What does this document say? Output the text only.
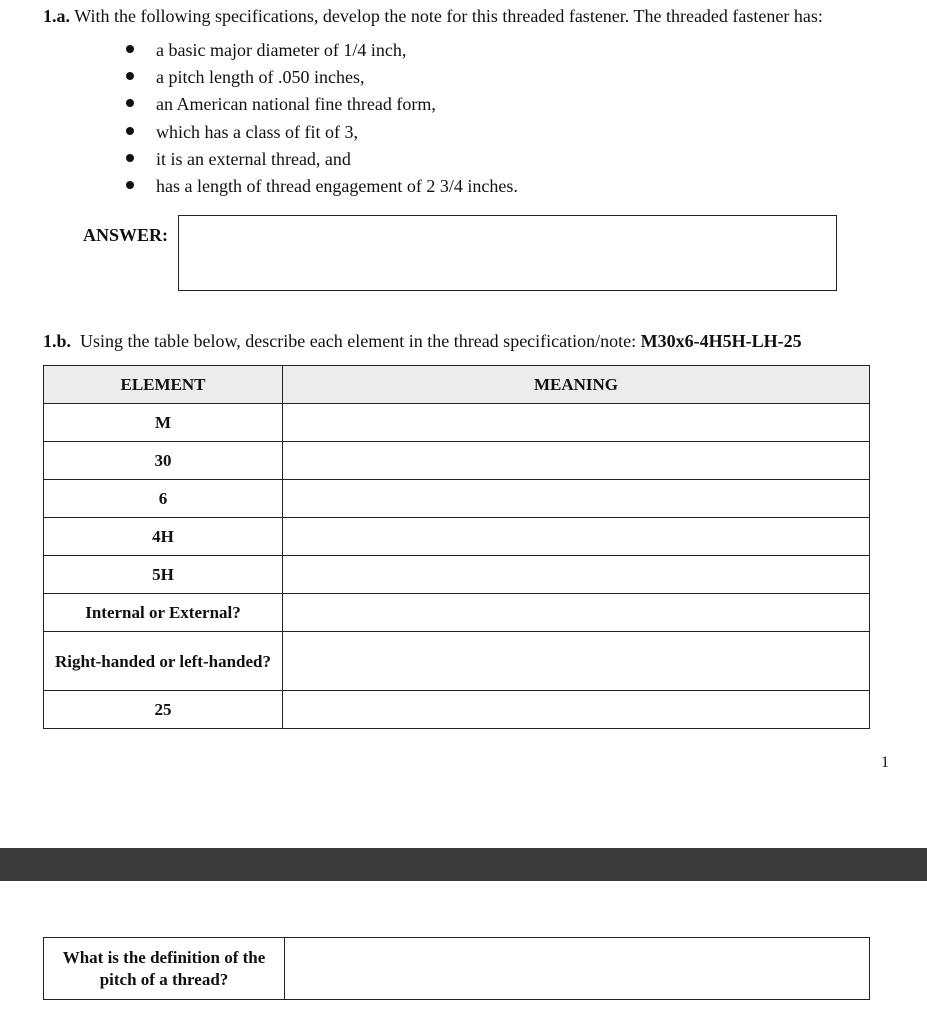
1.a. With the following specifications, develop the note for this threaded fastener. The threaded fastener has:
a basic major diameter of 1/4 inch,
a pitch length of .050 inches,
an American national fine thread form,
which has a class of fit of 3,
it is an external thread, and
has a length of thread engagement of 2 3/4 inches.
ANSWER:
1.b. Using the table below, describe each element in the thread specification/note: M30x6-4H5H-LH-25
ELEMENT	MEANING
M	
30	
6	
4H	
5H	
Internal or External?	
Right-handed or left-handed?	
25	
1
What is the definition of the pitch of a thread?	
